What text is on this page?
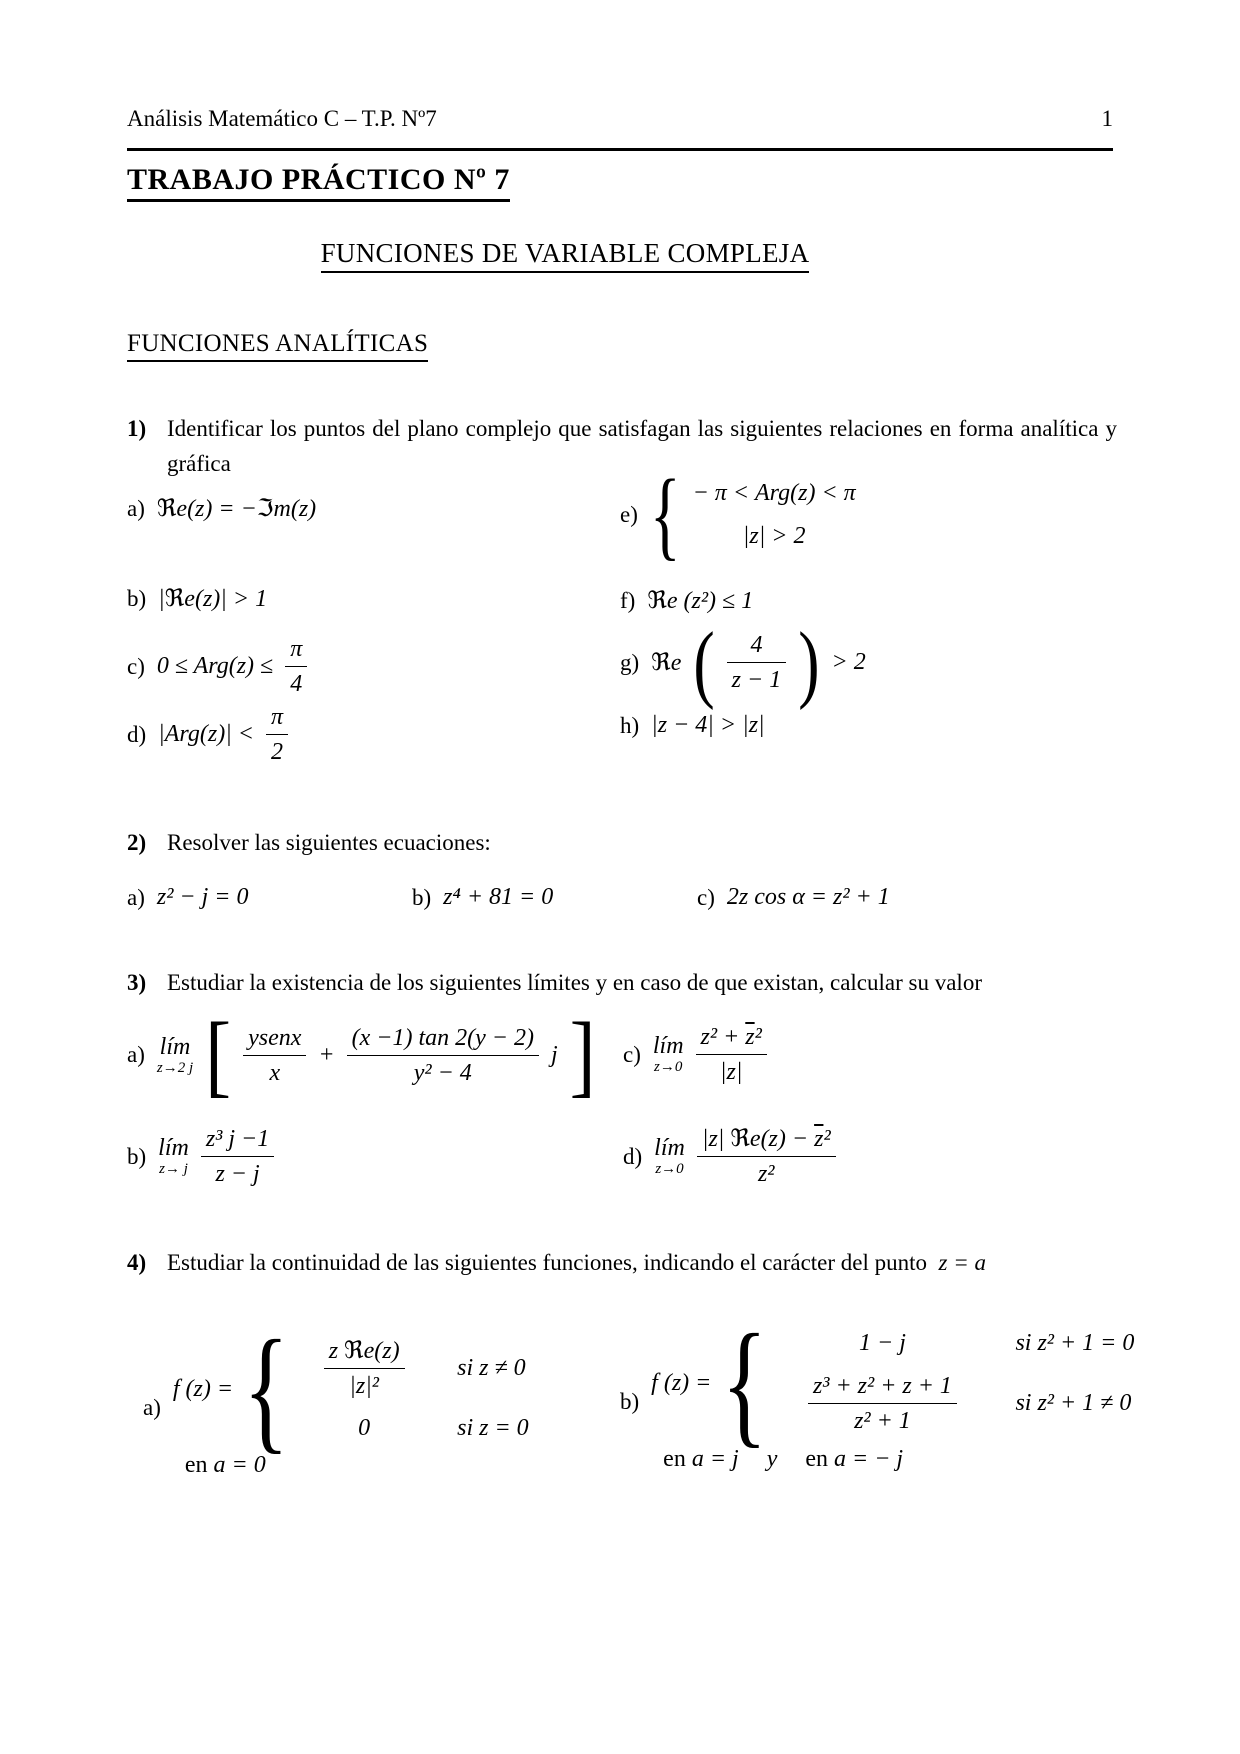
Análisis Matemático C – T.P. Nº7	1
TRABAJO PRÁCTICO Nº 7
FUNCIONES DE VARIABLE COMPLEJA
FUNCIONES ANALÍTICAS
1) Identificar los puntos del plano complejo que satisfagan las siguientes relaciones en forma analítica y gráfica
a) ℜe(z) = −ℑm(z)
b) |ℜe(z)| > 1
c) $0 \le Arg(z) \le \frac{\pi}{4}$
d) $|Arg(z)| < \frac{\pi}{2}$
e) { − π < Arg(z) < π
|z| > 2
f) ℜe (z²) ≤ 1
g) ℜe ( $\frac{4}{z - 1}$ ) > 2
h) |z − 4| > |z|
2) Resolver las siguientes ecuaciones:
a) z² − j = 0	b) z⁴ + 81 = 0	c) 2z cos α = z² + 1
3) Estudiar la existencia de los siguientes límites y en caso de que existan, calcular su valor
a) lím
z→2 j [ $\frac{\text{ysenx}}{x} + \frac{(x -1) \tan 2(y - 2)}{\text{y² − 4}}$ j ]
b) lím
z→ j $\frac{\text{z³ j −1}}{z - j}$
c) lím
$z\to 0 \frac{z^2 + \overline{z}^2}{|z|}$
d) lím
$z\to 0 \frac{|z| ℜe(z) - \overline{z}^2}{\text{z²}}$
4) Estudiar la continuidad de las siguientes funciones, indicando el carácter del punto z = a
a)
f (z) = { $\frac{\text{z ℜe(z)}}{\text{|z|²}}$ si z ≠ 0
0	si z = 0
en a = 0
b)
f (z) = {	1 − j	si z² + 1 = 0
$\frac{\text{z³ + z² + z + 1}}{\text{z² + 1}}$ si z² + 1 ≠ 0
en a = j y en a = − j
